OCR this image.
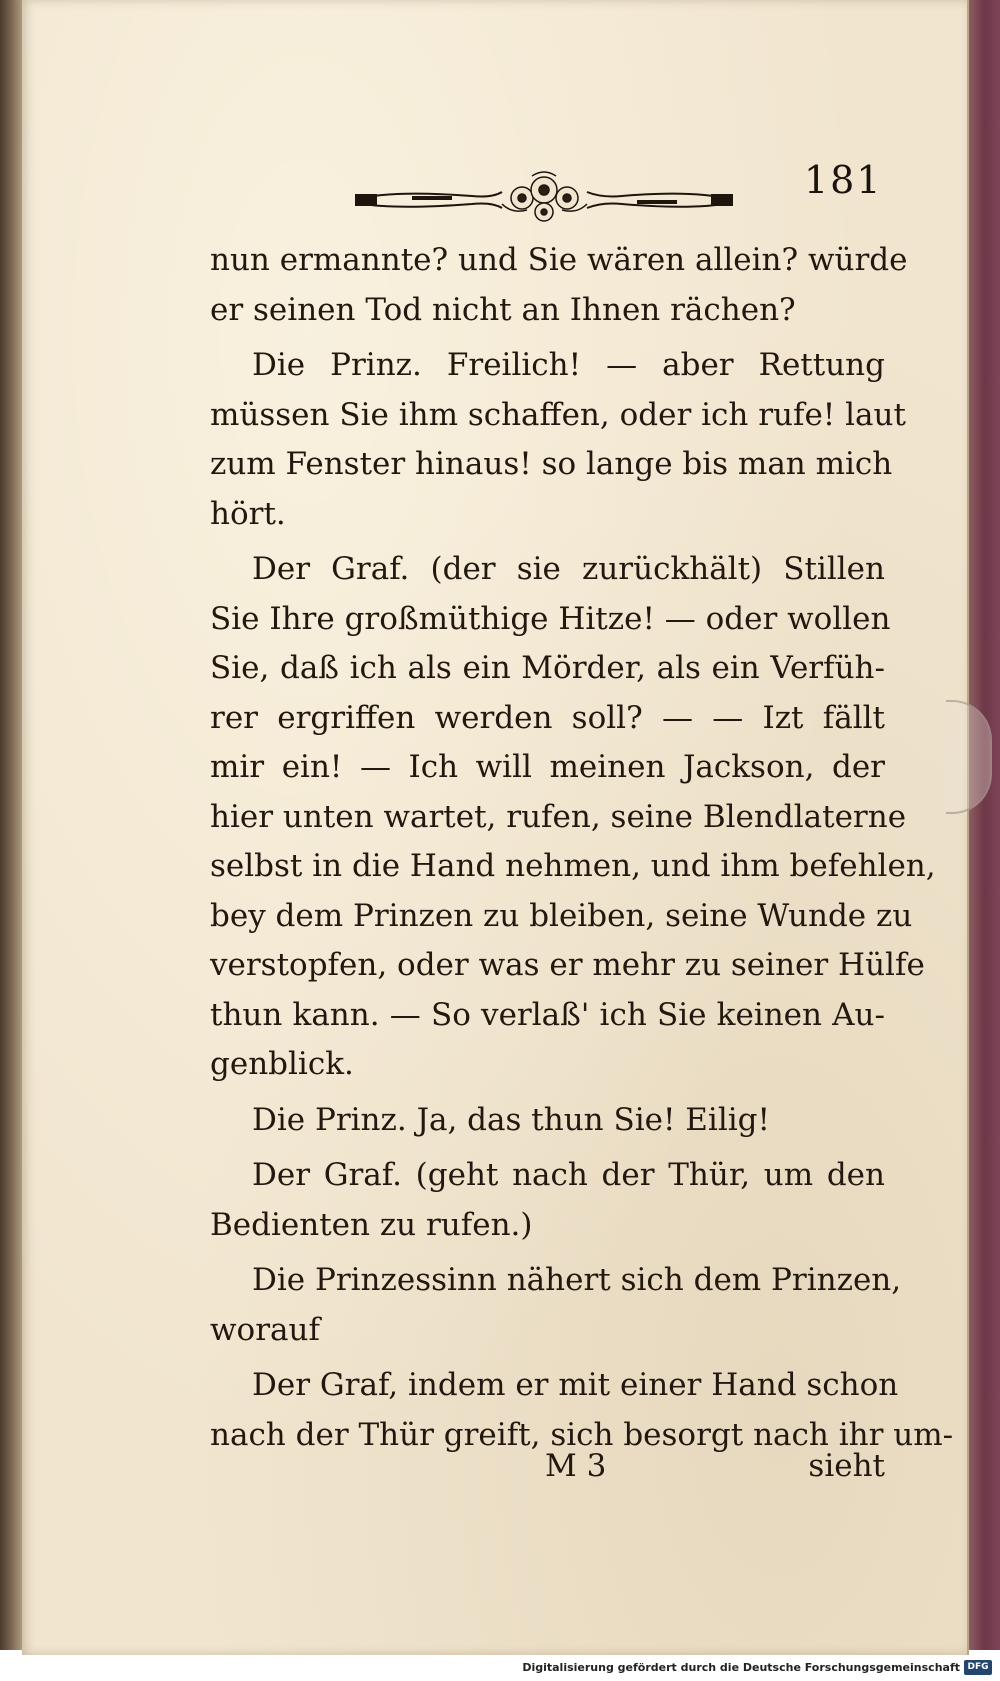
181
nun ermannte? und Sie wären allein? würde
er seinen Tod nicht an Ihnen rächen?
Die Prinz. Freilich! — aber Rettung
müssen Sie ihm schaffen, oder ich rufe! laut
zum Fenster hinaus! so lange bis man mich
hört.
Der Graf. (der sie zurückhält) Stillen
Sie Ihre großmüthige Hitze! — oder wollen
Sie, daß ich als ein Mörder, als ein Verfüh-
rer ergriffen werden soll? — — Izt fällt
mir ein! — Ich will meinen Jackson, der
hier unten wartet, rufen, seine Blendlaterne
selbst in die Hand nehmen, und ihm befehlen,
bey dem Prinzen zu bleiben, seine Wunde zu
verstopfen, oder was er mehr zu seiner Hülfe
thun kann. — So verlaß' ich Sie keinen Au-
genblick.
Die Prinz. Ja, das thun Sie! Eilig!
Der Graf. (geht nach der Thür, um den
Bedienten zu rufen.)
Die Prinzessinn nähert sich dem Prinzen,
worauf
Der Graf, indem er mit einer Hand schon
nach der Thür greift, sich besorgt nach ihr um-
M 3	sieht
Digitalisierung gefördert durch die Deutsche Forschungsgemeinschaft DFG
